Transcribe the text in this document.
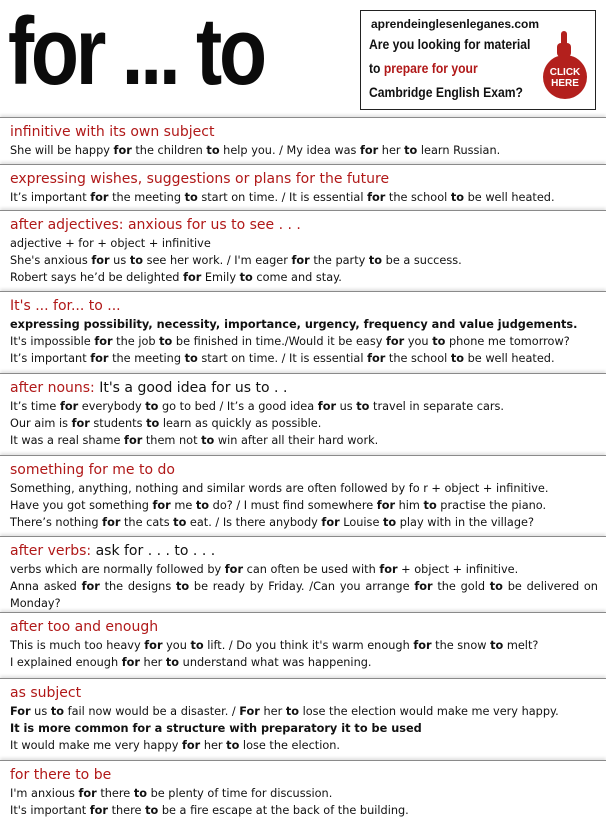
for ... to	aprendeinglesenleganes.com
Are you looking for material
to prepare for your
Cambridge English Exam?
CLICK HERE
infinitive with its own subject
She will be happy for the children to help you. / My idea was for her to learn Russian.
expressing wishes, suggestions or plans for the future
It’s important for the meeting to start on time. / It is essential for the school to be well heated.
after adjectives: anxious for us to see . . .
adjective + for + object + infinitive
She's anxious for us to see her work. / I'm eager for the party to be a success.
Robert says he’d be delighted for Emily to come and stay.
It's ... for... to ...
expressing possibility, necessity, importance, urgency, frequency and value judgements.
It's impossible for the job to be finished in time./Would it be easy for you to phone me tomorrow?
It’s important for the meeting to start on time. / It is essential for the school to be well heated.
after nouns: It's a good idea for us to . .
It’s time for everybody to go to bed / It’s a good idea for us to travel in separate cars.
Our aim is for students to learn as quickly as possible.
It was a real shame for them not to win after all their hard work.
something for me to do
Something, anything, nothing and similar words are often followed by fo r + object + infinitive.
Have you got something for me to do? / I must find somewhere for him to practise the piano.
There’s nothing for the cats to eat. / Is there anybody for Louise to play with in the village?
after verbs: ask for . . . to . . .
verbs which are normally followed by for can often be used with for + object + infinitive.
Anna asked for the designs to be ready by Friday. /Can you arrange for the gold to be delivered on Monday?
after too and enough
This is much too heavy for you to lift. / Do you think it's warm enough for the snow to melt?
I explained enough for her to understand what was happening.
as subject
For us to fail now would be a disaster. / For her to lose the election would make me very happy.
It is more common for a structure with preparatory it to be used
It would make me very happy for her to lose the election.
for there to be
I'm anxious for there to be plenty of time for discussion.
It's important for there to be a fire escape at the back of the building.
